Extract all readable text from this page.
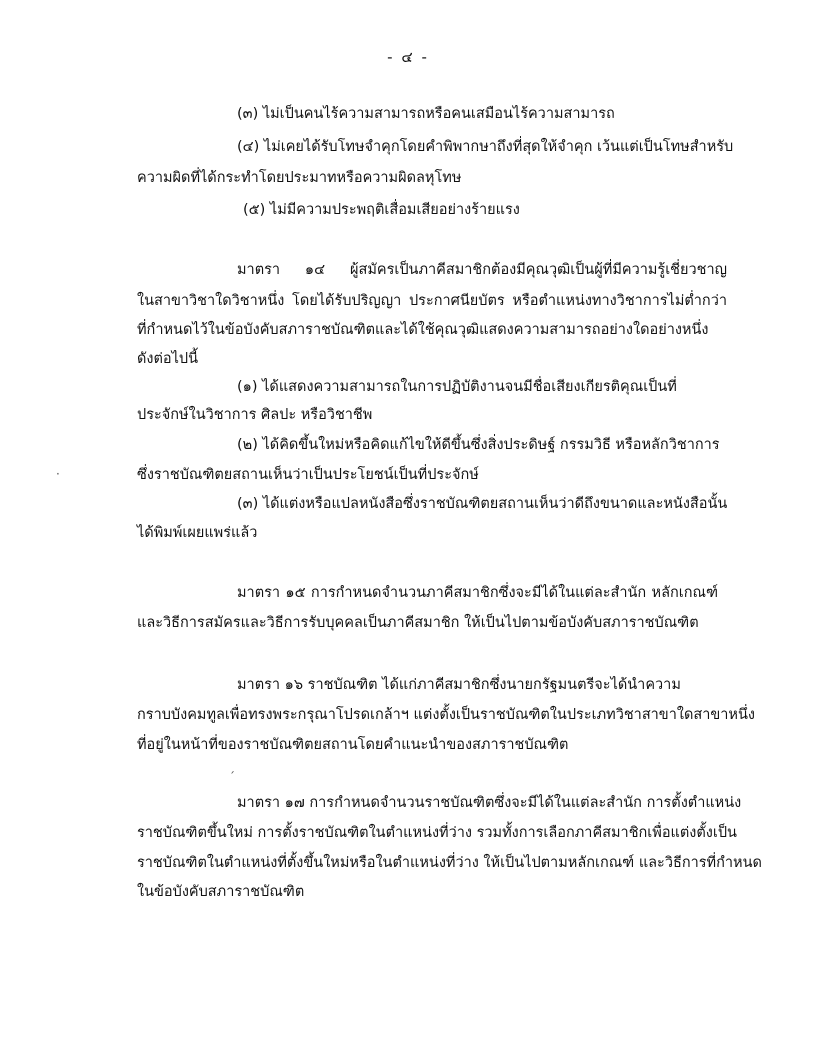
- ๔ -
(๓) ไม่เป็นคนไร้ความสามารถหรือคนเสมือนไร้ความสามารถ
(๔) ไม่เคยได้รับโทษจำคุกโดยคำพิพากษาถึงที่สุดให้จำคุก เว้นแต่เป็นโทษสำหรับ
ความผิดที่ได้กระทำโดยประมาทหรือความผิดลหุโทษ
(๕) ไม่มีความประพฤติเสื่อมเสียอย่างร้ายแรง
มาตรา ๑๔ ผู้สมัครเป็นภาคีสมาชิกต้องมีคุณวุฒิเป็นผู้ที่มีความรู้เชี่ยวชาญ
ในสาขาวิชาใดวิชาหนึ่ง โดยได้รับปริญญา ประกาศนียบัตร หรือตำแหน่งทางวิชาการไม่ต่ำกว่า
ที่กำหนดไว้ในข้อบังคับสภาราชบัณฑิตและได้ใช้คุณวุฒิแสดงความสามารถอย่างใดอย่างหนึ่ง
ดังต่อไปนี้
(๑) ได้แสดงความสามารถในการปฏิบัติงานจนมีชื่อเสียงเกียรติคุณเป็นที่
ประจักษ์ในวิชาการ ศิลปะ หรือวิชาชีพ
(๒) ได้คิดขึ้นใหม่หรือคิดแก้ไขให้ดีขึ้นซึ่งสิ่งประดิษฐ์ กรรมวิธี หรือหลักวิชาการ
ซึ่งราชบัณฑิตยสถานเห็นว่าเป็นประโยชน์เป็นที่ประจักษ์
(๓) ได้แต่งหรือแปลหนังสือซึ่งราชบัณฑิตยสถานเห็นว่าดีถึงขนาดและหนังสือนั้น
ได้พิมพ์เผยแพร่แล้ว
มาตรา ๑๕ การกำหนดจำนวนภาคีสมาชิกซึ่งจะมีได้ในแต่ละสำนัก หลักเกณฑ์
และวิธีการสมัครและวิธีการรับบุคคลเป็นภาคีสมาชิก ให้เป็นไปตามข้อบังคับสภาราชบัณฑิต
มาตรา ๑๖ ราชบัณฑิต ได้แก่ภาคีสมาชิกซึ่งนายกรัฐมนตรีจะได้นำความ
กราบบังคมทูลเพื่อทรงพระกรุณาโปรดเกล้าฯ แต่งตั้งเป็นราชบัณฑิตในประเภทวิชาสาขาใดสาขาหนึ่ง
ที่อยู่ในหน้าที่ของราชบัณฑิตยสถานโดยคำแนะนำของสภาราชบัณฑิต
มาตรา ๑๗ การกำหนดจำนวนราชบัณฑิตซึ่งจะมีได้ในแต่ละสำนัก การตั้งตำแหน่ง
ราชบัณฑิตขึ้นใหม่ การตั้งราชบัณฑิตในตำแหน่งที่ว่าง รวมทั้งการเลือกภาคีสมาชิกเพื่อแต่งตั้งเป็น
ราชบัณฑิตในตำแหน่งที่ตั้งขึ้นใหม่หรือในตำแหน่งที่ว่าง ให้เป็นไปตามหลักเกณฑ์ และวิธีการที่กำหนด
ในข้อบังคับสภาราชบัณฑิต
·
ˊ
